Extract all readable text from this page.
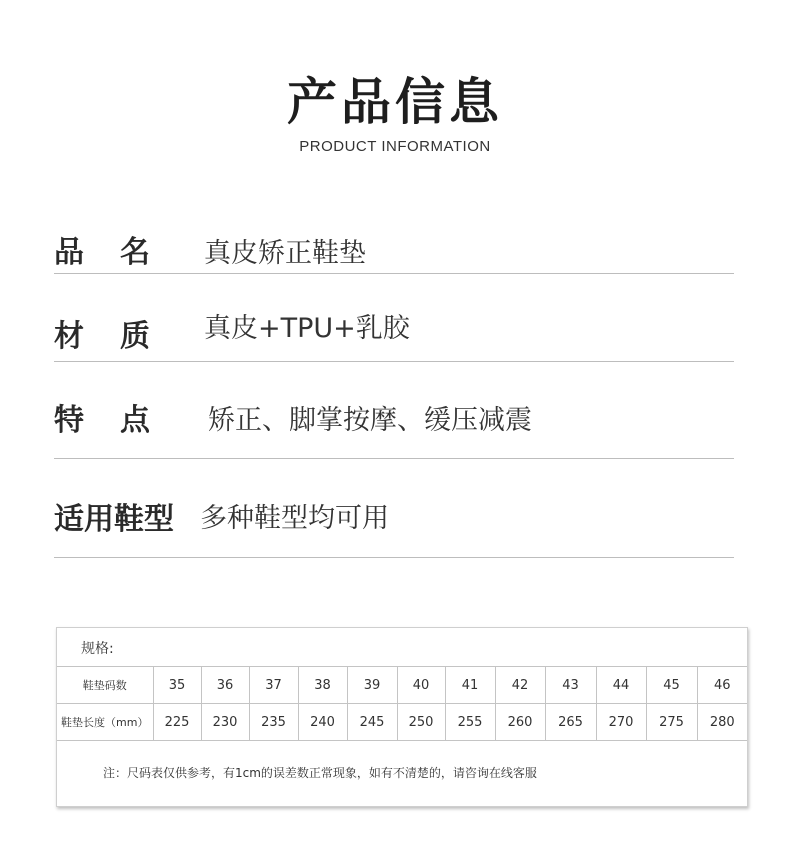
产品信息
PRODUCT INFORMATION
品名 真皮矫正鞋垫
材质 真皮+TPU+乳胶
特点 矫正、脚掌按摩、缓压减震
适用鞋型 多种鞋型均可用
规格:
鞋垫码数	35	36	37	38	39	40	41	42	43	44	45	46
鞋垫长度（mm）	225	230	235	240	245	250	255	260	265	270	275	280
注：尺码表仅供参考，有1cm的误差数正常现象，如有不清楚的，请咨询在线客服
